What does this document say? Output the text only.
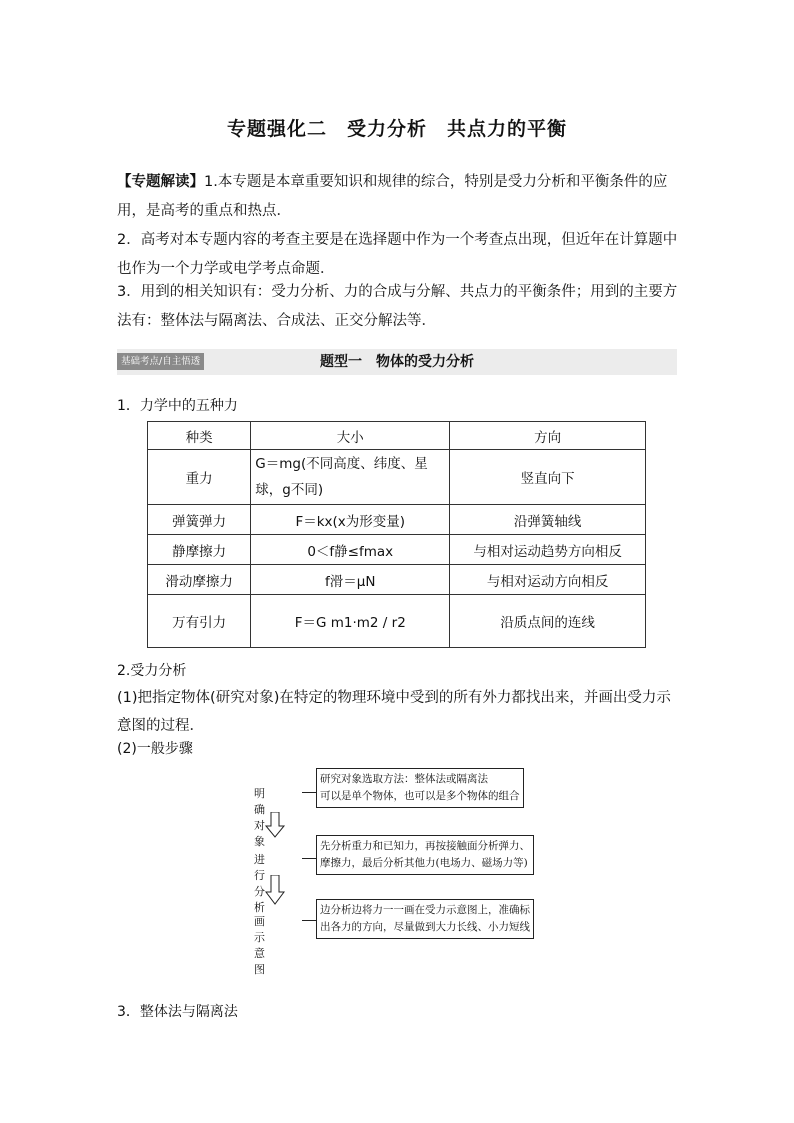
专题强化二　受力分析　共点力的平衡
【专题解读】1.本专题是本章重要知识和规律的综合，特别是受力分析和平衡条件的应用，是高考的重点和热点．
2．高考对本专题内容的考查主要是在选择题中作为一个考查点出现，但近年在计算题中也作为一个力学或电学考点命题．
3．用到的相关知识有：受力分析、力的合成与分解、共点力的平衡条件；用到的主要方法有：整体法与隔离法、合成法、正交分解法等．
题型一　物体的受力分析
基础考点/自主悟透
1．力学中的五种力
种类	大小	方向
重力	G＝mg(不同高度、纬度、星球，g不同)	竖直向下
弹簧弹力	F＝kx(x为形变量)	沿弹簧轴线
静摩擦力	0＜f静≤fmax	与相对运动趋势方向相反
滑动摩擦力	f滑＝μN	与相对运动方向相反
万有引力	F＝G m1·m2 / r2	沿质点间的连线
2.受力分析
(1)把指定物体(研究对象)在特定的物理环境中受到的所有外力都找出来，并画出受力示意图的过程．
(2)一般步骤
明确对象
研究对象选取方法：整体法或隔离法
可以是单个物体，也可以是多个物体的组合
进行分析
先分析重力和已知力，再按接触面分析弹力、
摩擦力，最后分析其他力(电场力、磁场力等)
画示意图
边分析边将力一一画在受力示意图上，准确标
出各力的方向，尽量做到大力长线、小力短线
3．整体法与隔离法
